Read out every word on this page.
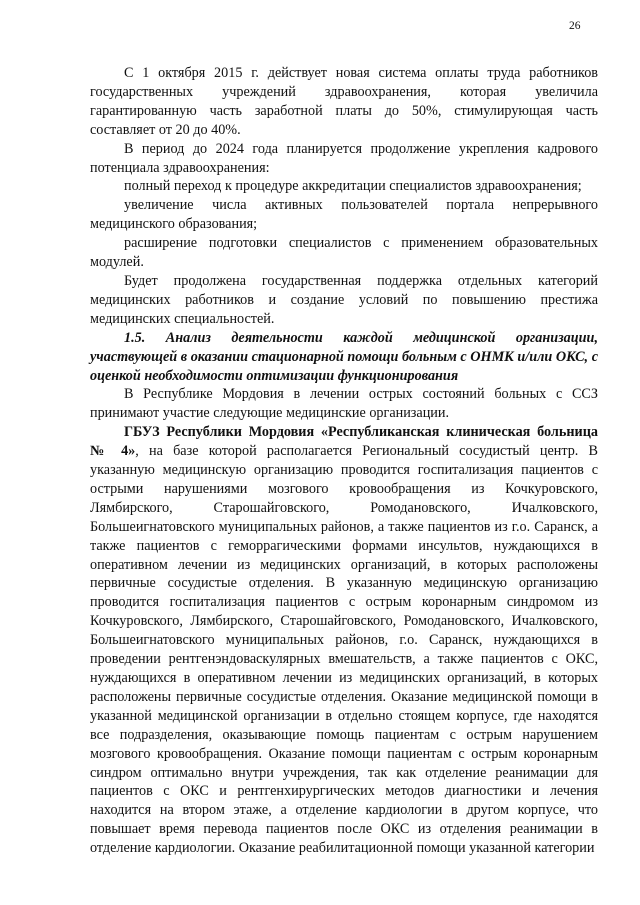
26

С 1 октября 2015 г. действует новая система оплаты труда работников государственных учреждений здравоохранения, которая увеличила гарантированную часть заработной платы до 50%, стимулирующая часть составляет от 20 до 40%.

В период до 2024 года планируется продолжение укрепления кадрового потенциала здравоохранения:

полный переход к процедуре аккредитации специалистов здравоохранения;

увеличение числа активных пользователей портала непрерывного медицинского образования;

расширение подготовки специалистов с применением образовательных модулей.

Будет продолжена государственная поддержка отдельных категорий медицинских работников и создание условий по повышению престижа медицинских специальностей.

1.5. Анализ деятельности каждой медицинской организации, участвующей в оказании стационарной помощи больным с ОНМК и/или ОКС, с оценкой необходимости оптимизации функционирования

В Республике Мордовия в лечении острых состояний больных с ССЗ принимают участие следующие медицинские организации.

ГБУЗ Республики Мордовия «Республиканская клиническая больница № 4», на базе которой располагается Региональный сосудистый центр. В указанную медицинскую организацию проводится госпитализация пациентов с острыми нарушениями мозгового кровообращения из Кочкуровского, Лямбирского, Старошайговского, Ромодановского, Ичалковского, Большеигнатовского муниципальных районов, а также пациентов из г.о. Саранск, а также пациентов с геморрагическими формами инсультов, нуждающихся в оперативном лечении из медицинских организаций, в которых расположены первичные сосудистые отделения. В указанную медицинскую организацию проводится госпитализация пациентов с острым коронарным синдромом из Кочкуровского, Лямбирского, Старошайговского, Ромодановского, Ичалковского, Большеигнатовского муниципальных районов, г.о. Саранск, нуждающихся в проведении рентгенэндоваскулярных вмешательств, а также пациентов с ОКС, нуждающихся в оперативном лечении из медицинских организаций, в которых расположены первичные сосудистые отделения. Оказание медицинской помощи в указанной медицинской организации в отдельно стоящем корпусе, где находятся все подразделения, оказывающие помощь пациентам с острым нарушением мозгового кровообращения. Оказание помощи пациентам с острым коронарным синдром оптимально внутри учреждения, так как отделение реанимации для пациентов с ОКС и рентгенхирургических методов диагностики и лечения находится на втором этаже, а отделение кардиологии в другом корпусе, что повышает время перевода пациентов после ОКС из отделения реанимации в отделение кардиологии. Оказание реабилитационной помощи указанной категории
